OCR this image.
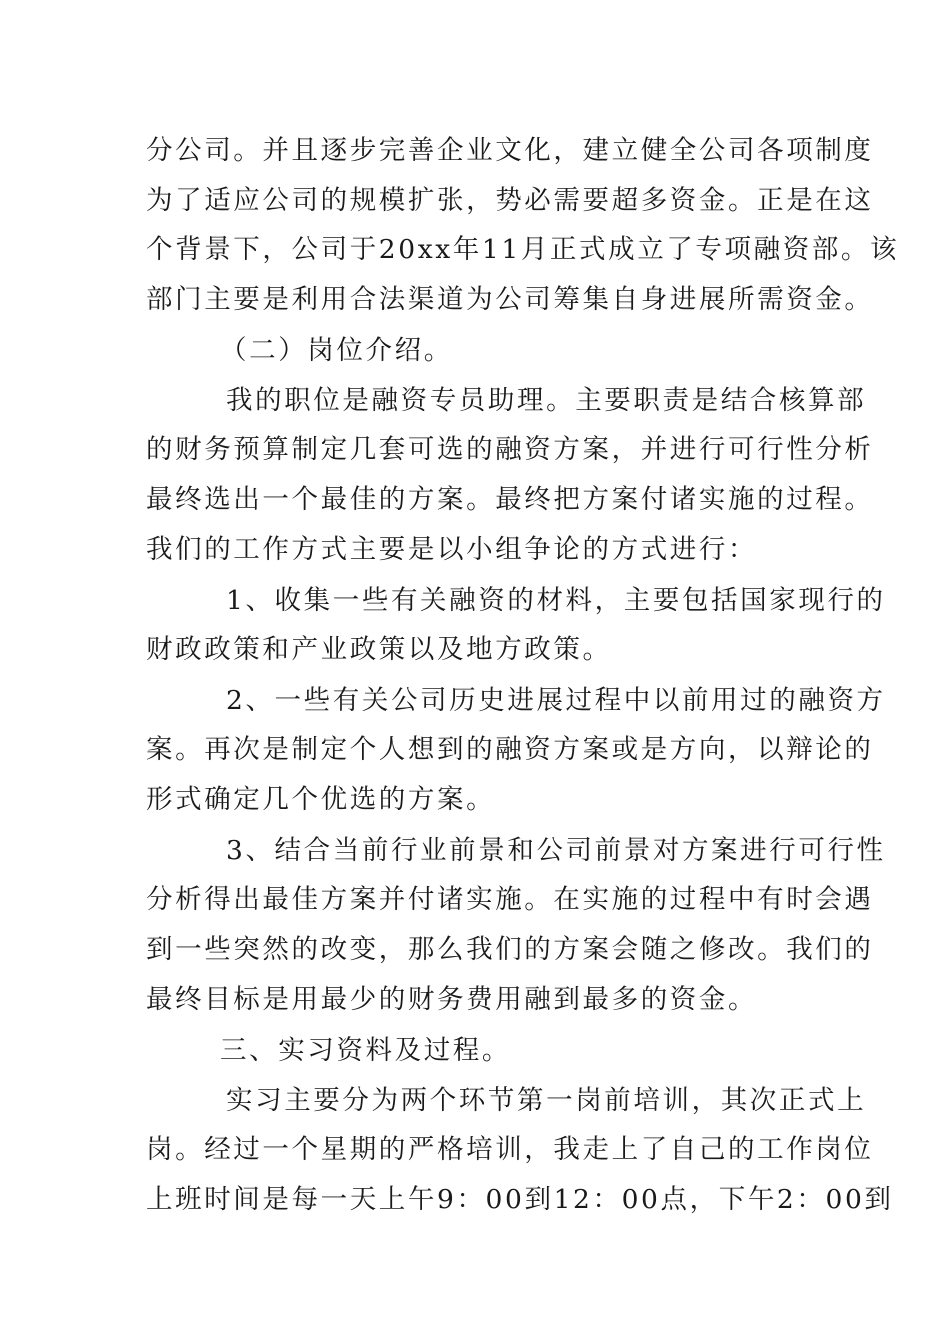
分公司。并且逐步完善企业文化，建立健全公司各项制度
为了适应公司的规模扩张，势必需要超多资金。正是在这
个背景下，公司于20xx年11月正式成立了专项融资部。该
部门主要是利用合法渠道为公司筹集自身进展所需资金。
（二）岗位介绍。
我的职位是融资专员助理。主要职责是结合核算部
的财务预算制定几套可选的融资方案，并进行可行性分析
最终选出一个最佳的方案。最终把方案付诸实施的过程。
我们的工作方式主要是以小组争论的方式进行：
1、收集一些有关融资的材料，主要包括国家现行的
财政政策和产业政策以及地方政策。
2、一些有关公司历史进展过程中以前用过的融资方
案。再次是制定个人想到的融资方案或是方向，以辩论的
形式确定几个优选的方案。
3、结合当前行业前景和公司前景对方案进行可行性
分析得出最佳方案并付诸实施。在实施的过程中有时会遇
到一些突然的改变，那么我们的方案会随之修改。我们的
最终目标是用最少的财务费用融到最多的资金。
三、实习资料及过程。
实习主要分为两个环节第一岗前培训，其次正式上
岗。经过一个星期的严格培训，我走上了自己的工作岗位
上班时间是每一天上午9：00到12：00点，下午2：00到
